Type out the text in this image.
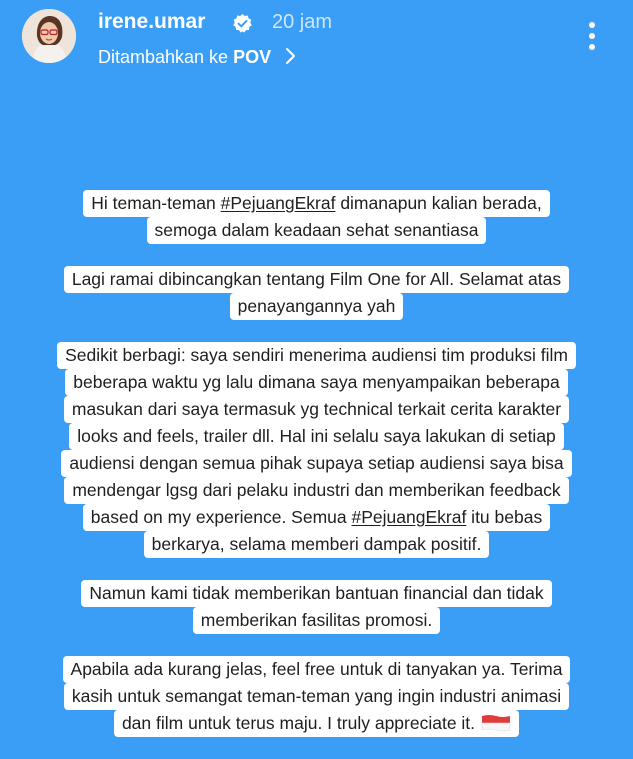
irene.umar	20 jam
Ditambahkan ke POV
Hi teman-teman #PejuangEkraf dimanapun kalian berada,
semoga dalam keadaan sehat senantiasa
Lagi ramai dibincangkan tentang Film One for All. Selamat atas
penayangannya yah
Sedikit berbagi: saya sendiri menerima audiensi tim produksi film
beberapa waktu yg lalu dimana saya menyampaikan beberapa
masukan dari saya termasuk yg technical terkait cerita karakter
looks and feels, trailer dll. Hal ini selalu saya lakukan di setiap
audiensi dengan semua pihak supaya setiap audiensi saya bisa
mendengar lgsg dari pelaku industri dan memberikan feedback
based on my experience. Semua #PejuangEkraf itu bebas
berkarya, selama memberi dampak positif.
Namun kami tidak memberikan bantuan financial dan tidak
memberikan fasilitas promosi.
Apabila ada kurang jelas, feel free untuk di tanyakan ya. Terima
kasih untuk semangat teman-teman yang ingin industri animasi
dan film untuk terus maju. I truly appreciate it.
